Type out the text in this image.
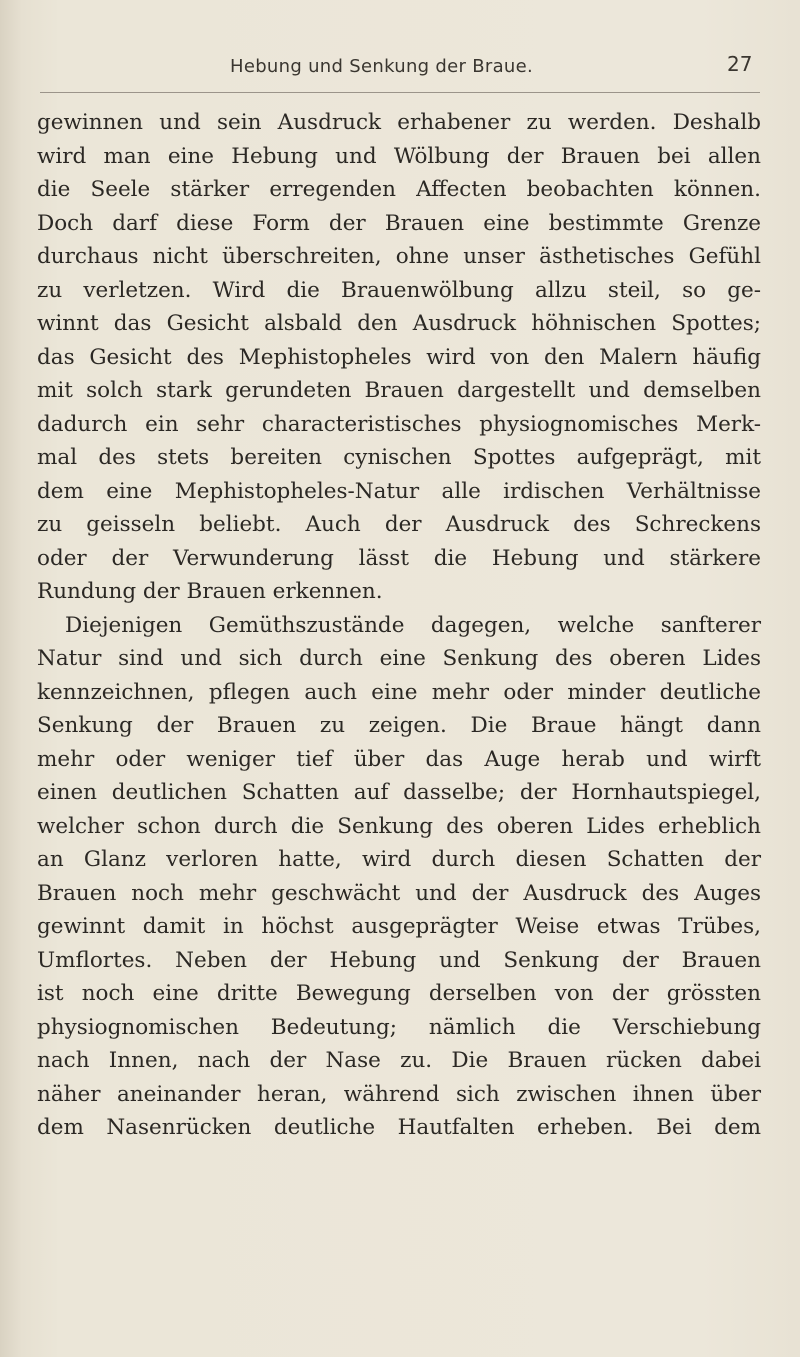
Hebung und Senkung der Braue.	27
gewinnen und sein Ausdruck erhabener zu werden. Deshalb
wird man eine Hebung und Wölbung der Brauen bei allen
die Seele stärker erregenden Affecten beobachten können.
Doch darf diese Form der Brauen eine bestimmte Grenze
durchaus nicht überschreiten, ohne unser ästhetisches Gefühl
zu verletzen. Wird die Brauenwölbung allzu steil, so ge-
winnt das Gesicht alsbald den Ausdruck höhnischen Spottes;
das Gesicht des Mephistopheles wird von den Malern häufig
mit solch stark gerundeten Brauen dargestellt und demselben
dadurch ein sehr characteristisches physiognomisches Merk-
mal des stets bereiten cynischen Spottes aufgeprägt, mit
dem eine Mephistopheles-Natur alle irdischen Verhältnisse
zu geisseln beliebt. Auch der Ausdruck des Schreckens
oder der Verwunderung lässt die Hebung und stärkere
Rundung der Brauen erkennen.
Diejenigen Gemüthszustände dagegen, welche sanfterer
Natur sind und sich durch eine Senkung des oberen Lides
kennzeichnen, pflegen auch eine mehr oder minder deutliche
Senkung der Brauen zu zeigen. Die Braue hängt dann
mehr oder weniger tief über das Auge herab und wirft
einen deutlichen Schatten auf dasselbe; der Hornhautspiegel,
welcher schon durch die Senkung des oberen Lides erheblich
an Glanz verloren hatte, wird durch diesen Schatten der
Brauen noch mehr geschwächt und der Ausdruck des Auges
gewinnt damit in höchst ausgeprägter Weise etwas Trübes,
Umflortes. Neben der Hebung und Senkung der Brauen
ist noch eine dritte Bewegung derselben von der grössten
physiognomischen Bedeutung; nämlich die Verschiebung
nach Innen, nach der Nase zu. Die Brauen rücken dabei
näher aneinander heran, während sich zwischen ihnen über
dem Nasenrücken deutliche Hautfalten erheben. Bei dem
